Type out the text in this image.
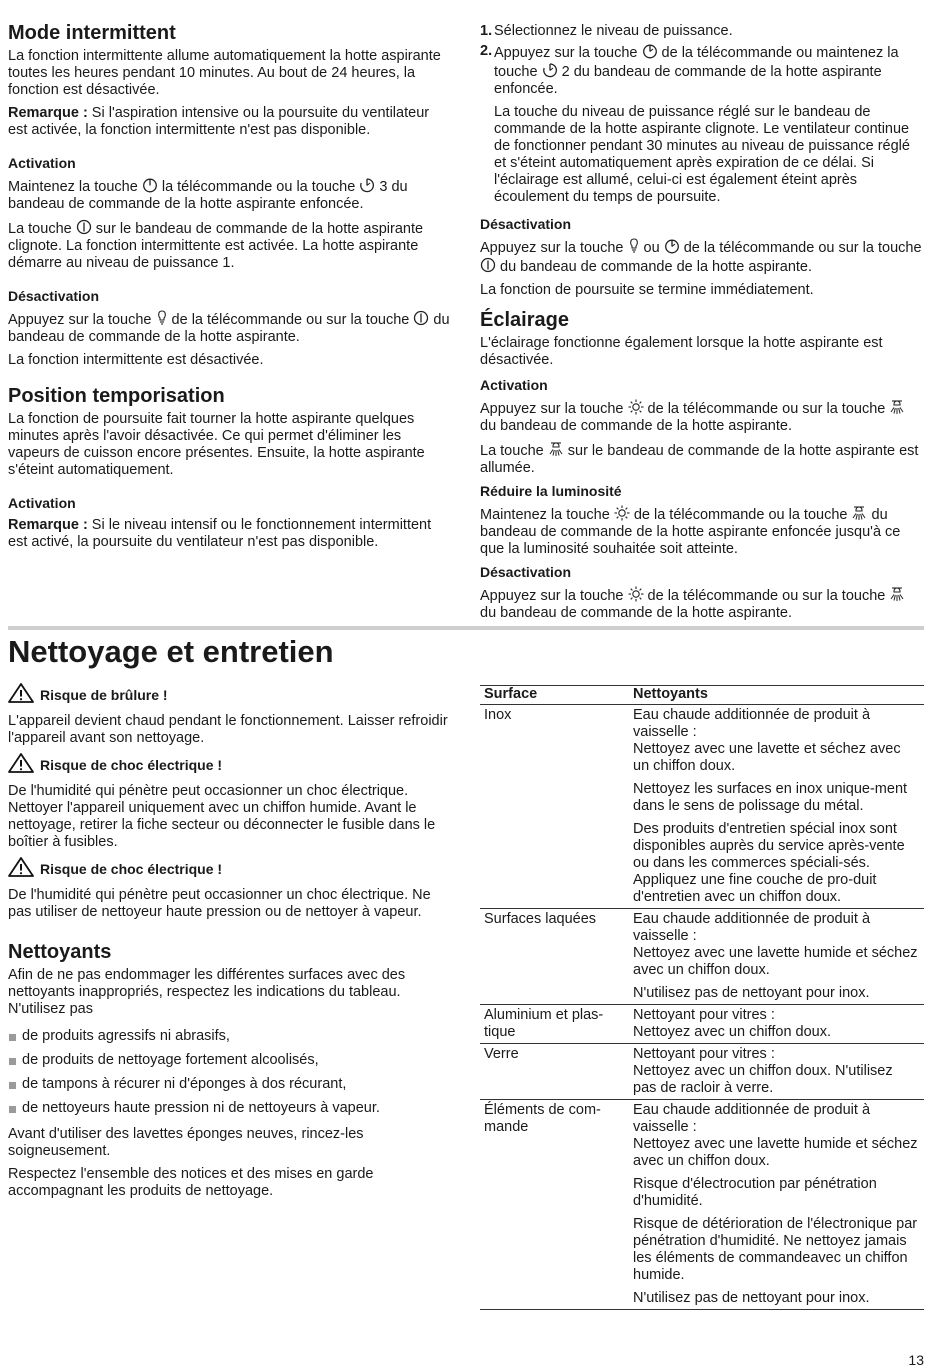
Mode intermittent

La fonction intermittente allume automatiquement la hotte aspirante toutes les heures pendant 10 minutes. Au bout de 24 heures, la fonction est désactivée.

Remarque : Si l'aspiration intensive ou la poursuite du ventilateur est activée, la fonction intermittente n'est pas disponible.

Activation

Maintenez la touche
la télécommande ou la touche
3 du bandeau de commande de la hotte aspirante enfoncée.

La touche
sur le bandeau de commande de la hotte aspirante clignote. La fonction intermittente est activée. La hotte aspirante démarre au niveau de puissance 1.

Désactivation

Appuyez sur la touche
de la télécommande ou sur la touche
du bandeau de commande de la hotte aspirante.

La fonction intermittente est désactivée.

Position temporisation

La fonction de poursuite fait tourner la hotte aspirante quelques minutes après l'avoir désactivée. Ce qui permet d'éliminer les vapeurs de cuisson encore présentes. Ensuite, la hotte aspirante s'éteint automatiquement.

Activation

Remarque : Si le niveau intensif ou le fonctionnement intermittent est activé, la poursuite du ventilateur n'est pas disponible.

1. Sélectionnez le niveau de puissance.
2. Appuyez sur la touche
de la télécommande ou maintenez la touche
2 du bandeau de commande de la hotte aspirante enfoncée.

La touche du niveau de puissance réglé sur le bandeau de commande de la hotte aspirante clignote. Le ventilateur continue de fonctionner pendant 30 minutes au niveau de puissance réglé et s'éteint automatiquement après expiration de ce délai. Si l'éclairage est allumé, celui-ci est également éteint après écoulement du temps de poursuite.

Désactivation

Appuyez sur la touche
ou
de la télécommande ou sur la touche
du bandeau de commande de la hotte aspirante.

La fonction de poursuite se termine immédiatement.

Éclairage

L'éclairage fonctionne également lorsque la hotte aspirante est désactivée.

Activation

Appuyez sur la touche
de la télécommande ou sur la touche
du bandeau de commande de la hotte aspirante.

La touche
sur le bandeau de commande de la hotte aspirante est allumée.

Réduire la luminosité

Maintenez la touche
de la télécommande ou la touche
du bandeau de commande de la hotte aspirante enfoncée jusqu'à ce que la luminosité souhaitée soit atteinte.

Désactivation

Appuyez sur la touche
de la télécommande ou sur la touche
du bandeau de commande de la hotte aspirante.

Nettoyage et entretien
Risque de brûlure !

L'appareil devient chaud pendant le fonctionnement. Laisser refroidir l'appareil avant son nettoyage.

Risque de choc électrique !

De l'humidité qui pénètre peut occasionner un choc électrique. Nettoyer l'appareil uniquement avec un chiffon humide. Avant le nettoyage, retirer la fiche secteur ou déconnecter le fusible dans le boîtier à fusibles.

Risque de choc électrique !

De l'humidité qui pénètre peut occasionner un choc électrique. Ne pas utiliser de nettoyeur haute pression ou de nettoyer à vapeur.

Nettoyants

Afin de ne pas endommager les différentes surfaces avec des nettoyants inappropriés, respectez les indications du tableau. N'utilisez pas

de produits agressifs ni abrasifs,
de produits de nettoyage fortement alcoolisés,
de tampons à récurer ni d'éponges à dos récurant,
de nettoyeurs haute pression ni de nettoyeurs à vapeur.

Avant d'utiliser des lavettes éponges neuves, rincez-les soigneusement.

Respectez l'ensemble des notices et des mises en garde accompagnant les produits de nettoyage.

Surface	Nettoyants
Inox	Eau chaude additionnée de produit à vaisselle :
Nettoyez avec une lavette et séchez avec un chiffon doux.

Nettoyez les surfaces en inox unique-ment dans le sens de polissage du métal.

Des produits d'entretien spécial inox sont disponibles auprès du service après-vente ou dans les commerces spéciali-sés. Appliquez une fine couche de pro-duit d'entretien avec un chiffon doux.

Surfaces laquées	Eau chaude additionnée de produit à vaisselle :
Nettoyez avec une lavette humide et séchez avec un chiffon doux.

N'utilisez pas de nettoyant pour inox.

Aluminium et plas-tique	Nettoyant pour vitres :
Nettoyez avec un chiffon doux.

Verre	Nettoyant pour vitres :
Nettoyez avec un chiffon doux. N'utilisez pas de racloir à verre.

Éléments de com-mande	Eau chaude additionnée de produit à vaisselle :
Nettoyez avec une lavette humide et séchez avec un chiffon doux.

Risque d'électrocution par pénétration d'humidité.

Risque de détérioration de l'électronique par pénétration d'humidité. Ne nettoyez jamais les éléments de commandeavec un chiffon humide.

N'utilisez pas de nettoyant pour inox.

13
